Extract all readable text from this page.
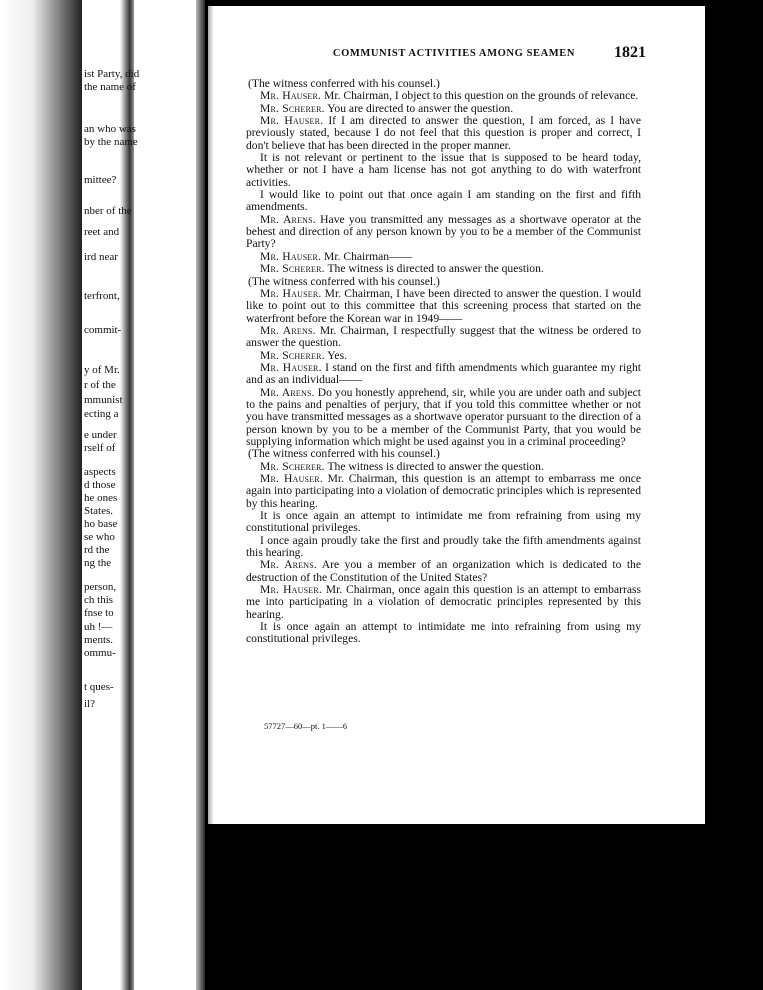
ist Party, did
the name of
an who was
by the name
mittee?
nber of the
reet and
ird near
terfront,
commit-
y of Mr.
r of the
mmunist
ecting a
e under
rself of
aspects
d those
he ones
States.
ho base
se who
rd the
ng the
person,
ch this
fnse to
uh !—
ments.
ommu-
t ques-
il?
COMMUNIST ACTIVITIES AMONG SEAMEN	1821

(The witness conferred with his counsel.)

Mr. Hauser. Mr. Chairman, I object to this question on the grounds of relevance.

Mr. Scherer. You are directed to answer the question.

Mr. Hauser. If I am directed to answer the question, I am forced, as I have previously stated, because I do not feel that this question is proper and correct, I don't believe that has been directed in the proper manner.

It is not relevant or pertinent to the issue that is supposed to be heard today, whether or not I have a ham license has not got anything to do with waterfront activities.

I would like to point out that once again I am standing on the first and fifth amendments.

Mr. Arens. Have you transmitted any messages as a shortwave operator at the behest and direction of any person known by you to be a member of the Communist Party?

Mr. Hauser. Mr. Chairman——

Mr. Scherer. The witness is directed to answer the question.

(The witness conferred with his counsel.)

Mr. Hauser. Mr. Chairman, I have been directed to answer the question. I would like to point out to this committee that this screening process that started on the waterfront before the Korean war in 1949——

Mr. Arens. Mr. Chairman, I respectfully suggest that the witness be ordered to answer the question.

Mr. Scherer. Yes.

Mr. Hauser. I stand on the first and fifth amendments which guarantee my right and as an individual——

Mr. Arens. Do you honestly apprehend, sir, while you are under oath and subject to the pains and penalties of perjury, that if you told this committee whether or not you have transmitted messages as a shortwave operator pursuant to the direction of a person known by you to be a member of the Communist Party, that you would be supplying information which might be used against you in a criminal proceeding?

(The witness conferred with his counsel.)

Mr. Scherer. The witness is directed to answer the question.

Mr. Hauser. Mr. Chairman, this question is an attempt to embarrass me once again into participating into a violation of democratic principles which is represented by this hearing.

It is once again an attempt to intimidate me from refraining from using my constitutional privileges.

I once again proudly take the first and proudly take the fifth amendments against this hearing.

Mr. Arens. Are you a member of an organization which is dedicated to the destruction of the Constitution of the United States?

Mr. Hauser. Mr. Chairman, once again this question is an attempt to embarrass me into participating in a violation of democratic principles represented by this hearing.

It is once again an attempt to intimidate me into refraining from using my constitutional privileges.

57727—60—pt. 1——6
